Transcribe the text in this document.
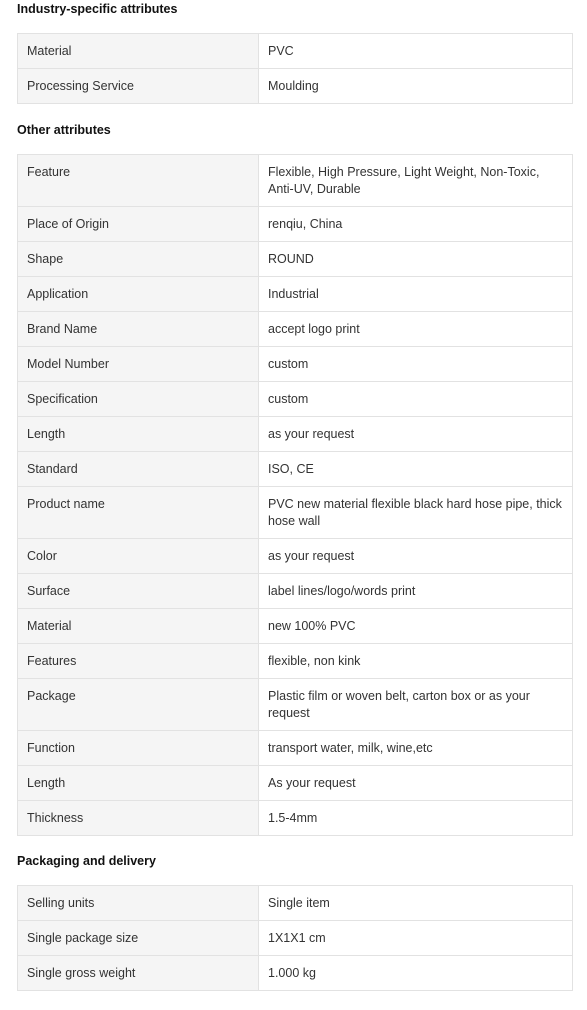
Industry-specific attributes
Material	PVC
Processing Service	Moulding
Other attributes
Feature	Flexible, High Pressure, Light Weight, Non-Toxic, Anti-UV, Durable
Place of Origin	renqiu, China
Shape	ROUND
Application	Industrial
Brand Name	accept logo print
Model Number	custom
Specification	custom
Length	as your request
Standard	ISO, CE
Product name	PVC new material flexible black hard hose pipe, thick hose wall
Color	as your request
Surface	label lines/logo/words print
Material	new 100% PVC
Features	flexible, non kink
Package	Plastic film or woven belt, carton box or as your request
Function	transport water, milk, wine,etc
Length	As your request
Thickness	1.5-4mm
Packaging and delivery
Selling units	Single item
Single package size	1X1X1 cm
Single gross weight	1.000 kg
